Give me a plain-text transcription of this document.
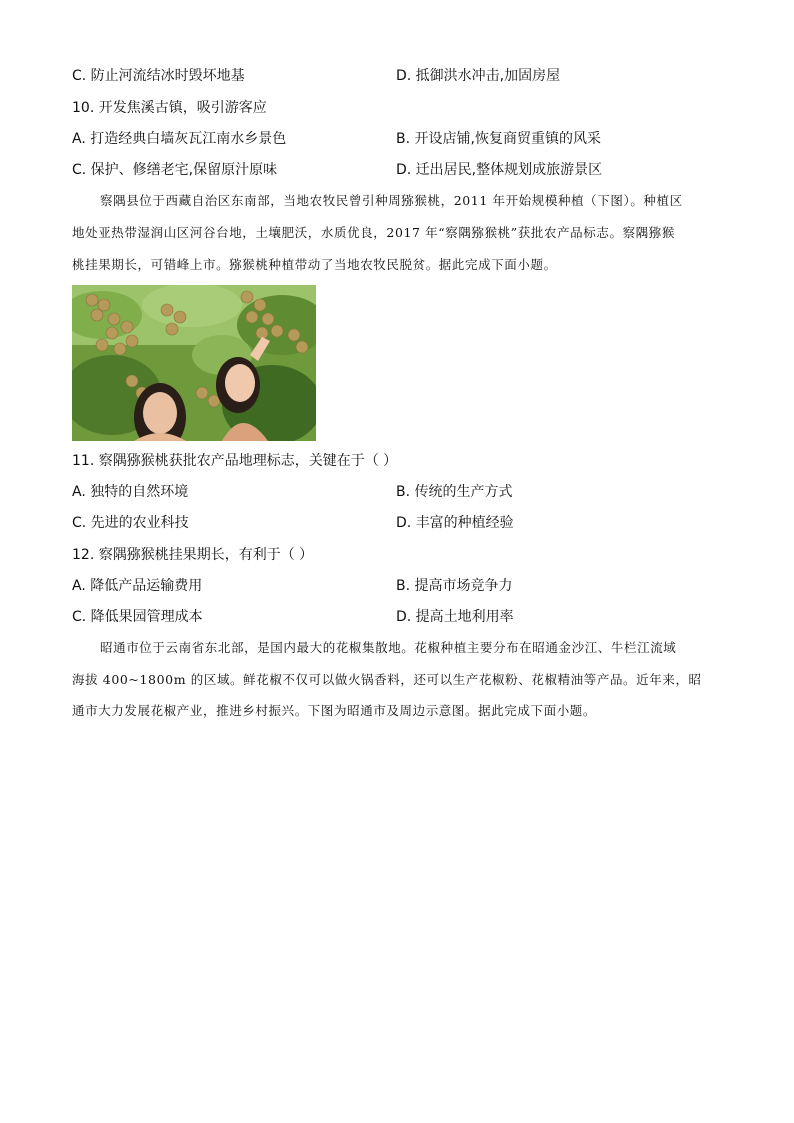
C. 防止河流结冰时毁坏地基	D. 抵御洪水冲击,加固房屋
10. 开发焦溪古镇，吸引游客应
A. 打造经典白墙灰瓦江南水乡景色	B. 开设店铺,恢复商贸重镇的风采
C. 保护、修缮老宅,保留原汁原味	D. 迁出居民,整体规划成旅游景区
察隅县位于西藏自治区东南部，当地农牧民曾引种周猕猴桃，2011 年开始规模种植（下图）。种植区
地处亚热带湿润山区河谷台地，土壤肥沃，水质优良，2017 年“察隅猕猴桃”获批农产品标志。察隅猕猴
桃挂果期长，可错峰上市。猕猴桃种植带动了当地农牧民脱贫。据此完成下面小题。
11. 察隅猕猴桃获批农产品地理标志，关键在于（ ）
A. 独特的自然环境	B. 传统的生产方式
C. 先进的农业科技	D. 丰富的种植经验
12. 察隅猕猴桃挂果期长，有利于（ ）
A. 降低产品运输费用	B. 提高市场竞争力
C. 降低果园管理成本	D. 提高土地利用率
昭通市位于云南省东北部，是国内最大的花椒集散地。花椒种植主要分布在昭通金沙江、牛栏江流域
海拔 400~1800m 的区域。鲜花椒不仅可以做火锅香料，还可以生产花椒粉、花椒精油等产品。近年来，昭
通市大力发展花椒产业，推进乡村振兴。下图为昭通市及周边示意图。据此完成下面小题。
